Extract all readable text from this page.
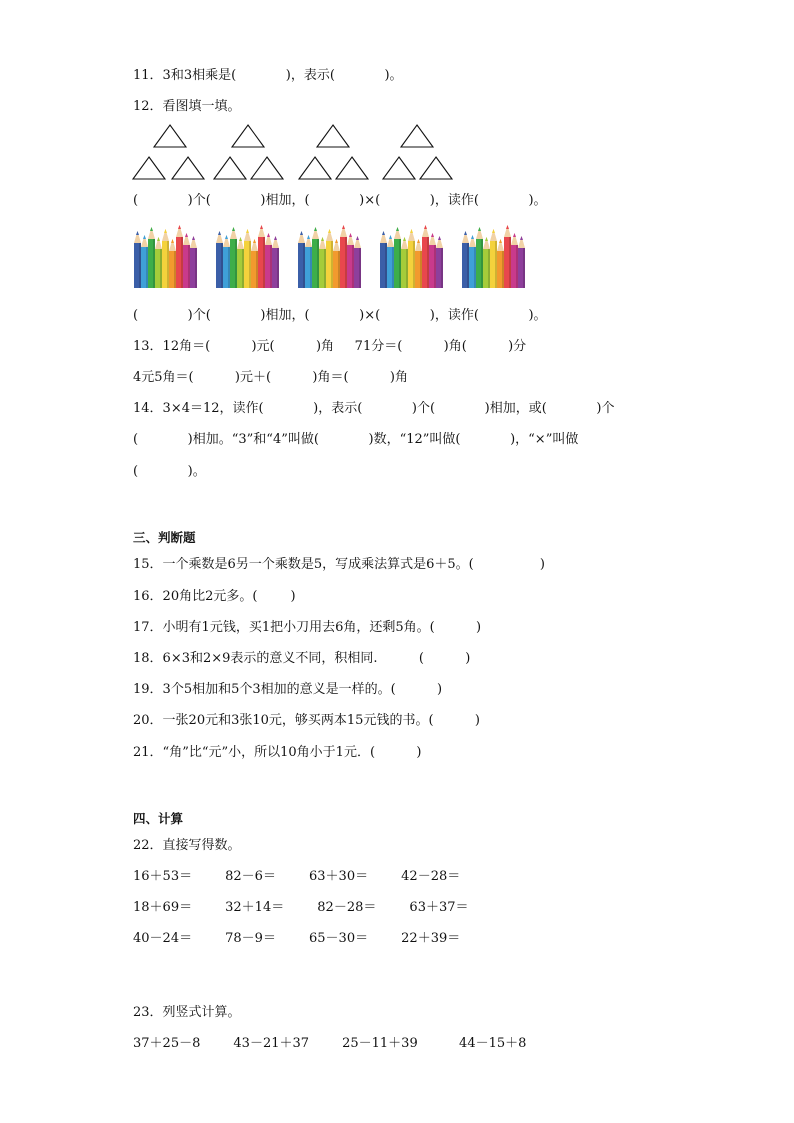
11．3和3相乘是(            )，表示(            )。
12．看图填一填。
(            )个(            )相加，(            )×(            )，读作(            )。
(            )个(            )相加，(            )×(            )，读作(            )。
13．12角＝(          )元(          )角     71分＝(          )角(          )分
4元5角＝(          )元＋(          )角＝(          )角
14．3×4＝12，读作(            )，表示(            )个(            )相加，或(            )个
(            )相加。“3”和“4”叫做(            )数，“12”叫做(            )，“×”叫做
(            )。
三、判断题
15．一个乘数是6另一个乘数是5，写成乘法算式是6＋5。(                )
16．20角比2元多。(        )
17．小明有1元钱，买1把小刀用去6角，还剩5角。(          )
18．6×3和2×9表示的意义不同，积相同.          (          )
19．3个5相加和5个3相加的意义是一样的。(          )
20．一张20元和3张10元，够买两本15元钱的书。(          )
21．“角”比“元”小，所以10角小于1元．(          )
四、计算
22．直接写得数。
16＋53＝        82－6＝        63＋30＝        42－28＝
18＋69＝        32＋14＝        82－28＝        63＋37＝
40－24＝        78－9＝        65－30＝        22＋39＝
23．列竖式计算。
37＋25－8        43－21＋37        25－11＋39          44－15＋8
